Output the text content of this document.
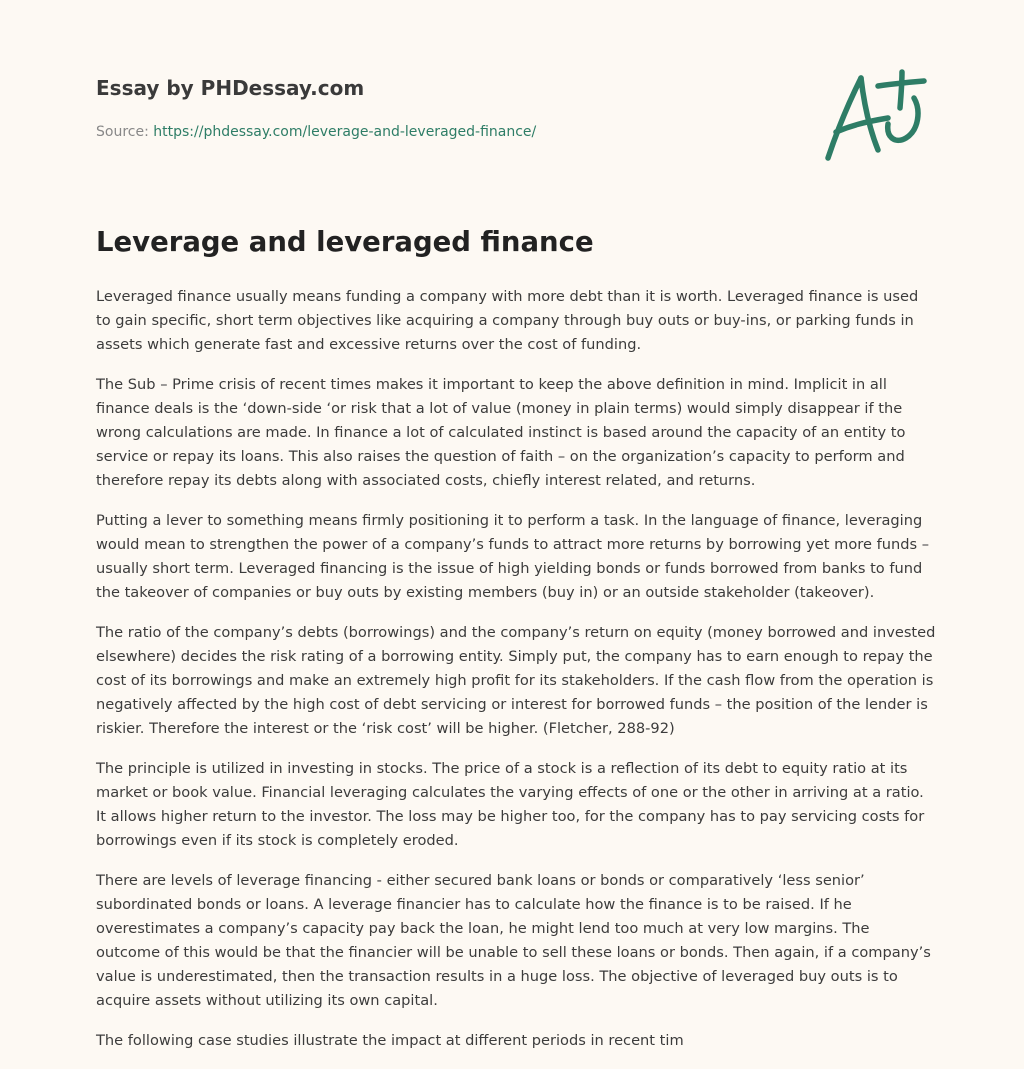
Essay by PHDessay.com
Source: https://phdessay.com/leverage-and-leveraged-finance/
Leverage and leveraged finance

Leveraged finance usually means funding a company with more debt than it is worth. Leveraged finance is used to gain specific, short term objectives like acquiring a company through buy outs or buy-ins, or parking funds in assets which generate fast and excessive returns over the cost of funding.

The Sub – Prime crisis of recent times makes it important to keep the above definition in mind. Implicit in all finance deals is the ‘down-side ‘or risk that a lot of value (money in plain terms) would simply disappear if the wrong calculations are made. In finance a lot of calculated instinct is based around the capacity of an entity to service or repay its loans. This also raises the question of faith – on the organization’s capacity to perform and therefore repay its debts along with associated costs, chiefly interest related, and returns.

Putting a lever to something means firmly positioning it to perform a task. In the language of finance, leveraging would mean to strengthen the power of a company’s funds to attract more returns by borrowing yet more funds – usually short term. Leveraged financing is the issue of high yielding bonds or funds borrowed from banks to fund the takeover of companies or buy outs by existing members (buy in) or an outside stakeholder (takeover).

The ratio of the company’s debts (borrowings) and the company’s return on equity (money borrowed and invested elsewhere) decides the risk rating of a borrowing entity. Simply put, the company has to earn enough to repay the cost of its borrowings and make an extremely high profit for its stakeholders. If the cash flow from the operation is negatively affected by the high cost of debt servicing or interest for borrowed funds – the position of the lender is riskier. Therefore the interest or the ‘risk cost’ will be higher. (Fletcher, 288-92)

The principle is utilized in investing in stocks. The price of a stock is a reflection of its debt to equity ratio at its market or book value. Financial leveraging calculates the varying effects of one or the other in arriving at a ratio. It allows higher return to the investor. The loss may be higher too, for the company has to pay servicing costs for borrowings even if its stock is completely eroded.

There are levels of leverage financing - either secured bank loans or bonds or comparatively ‘less senior’ subordinated bonds or loans. A leverage financier has to calculate how the finance is to be raised. If he overestimates a company’s capacity pay back the loan, he might lend too much at very low margins. The outcome of this would be that the financier will be unable to sell these loans or bonds. Then again, if a company’s value is underestimated, then the transaction results in a huge loss. The objective of leveraged buy outs is to acquire assets without utilizing its own capital.

The following case studies illustrate the impact at different periods in recent tim
